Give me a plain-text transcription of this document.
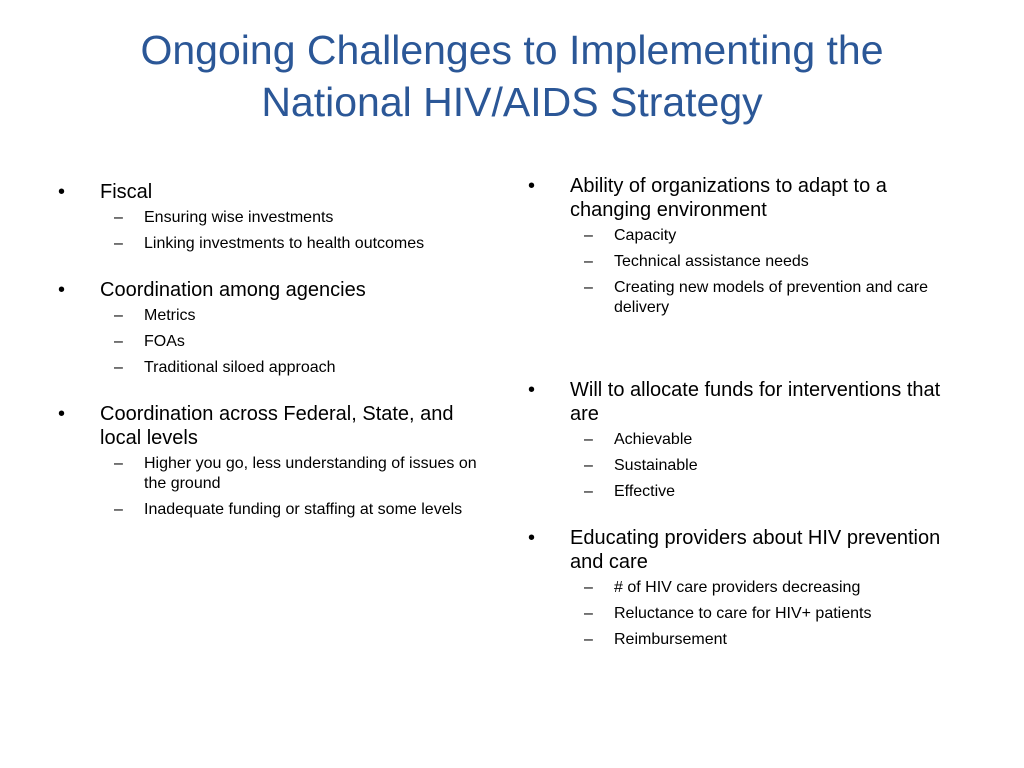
Ongoing Challenges to Implementing the
National HIV/AIDS Strategy
•	Fiscal
– Ensuring wise investments
– Linking investments to health outcomes
•	Coordination among agencies
– Metrics
– FOAs
– Traditional siloed approach
•	Coordination across Federal, State, and local levels
– Higher you go, less understanding of issues on the ground
– Inadequate funding or staffing at some levels
•	Ability of organizations to adapt to a changing environment
– Capacity
– Technical assistance needs
– Creating new models of prevention and care delivery
•	Will to allocate funds for interventions that are
– Achievable
– Sustainable
– Effective
•	Educating providers about HIV prevention and care
– # of HIV care providers decreasing
– Reluctance to care for HIV+ patients
– Reimbursement
